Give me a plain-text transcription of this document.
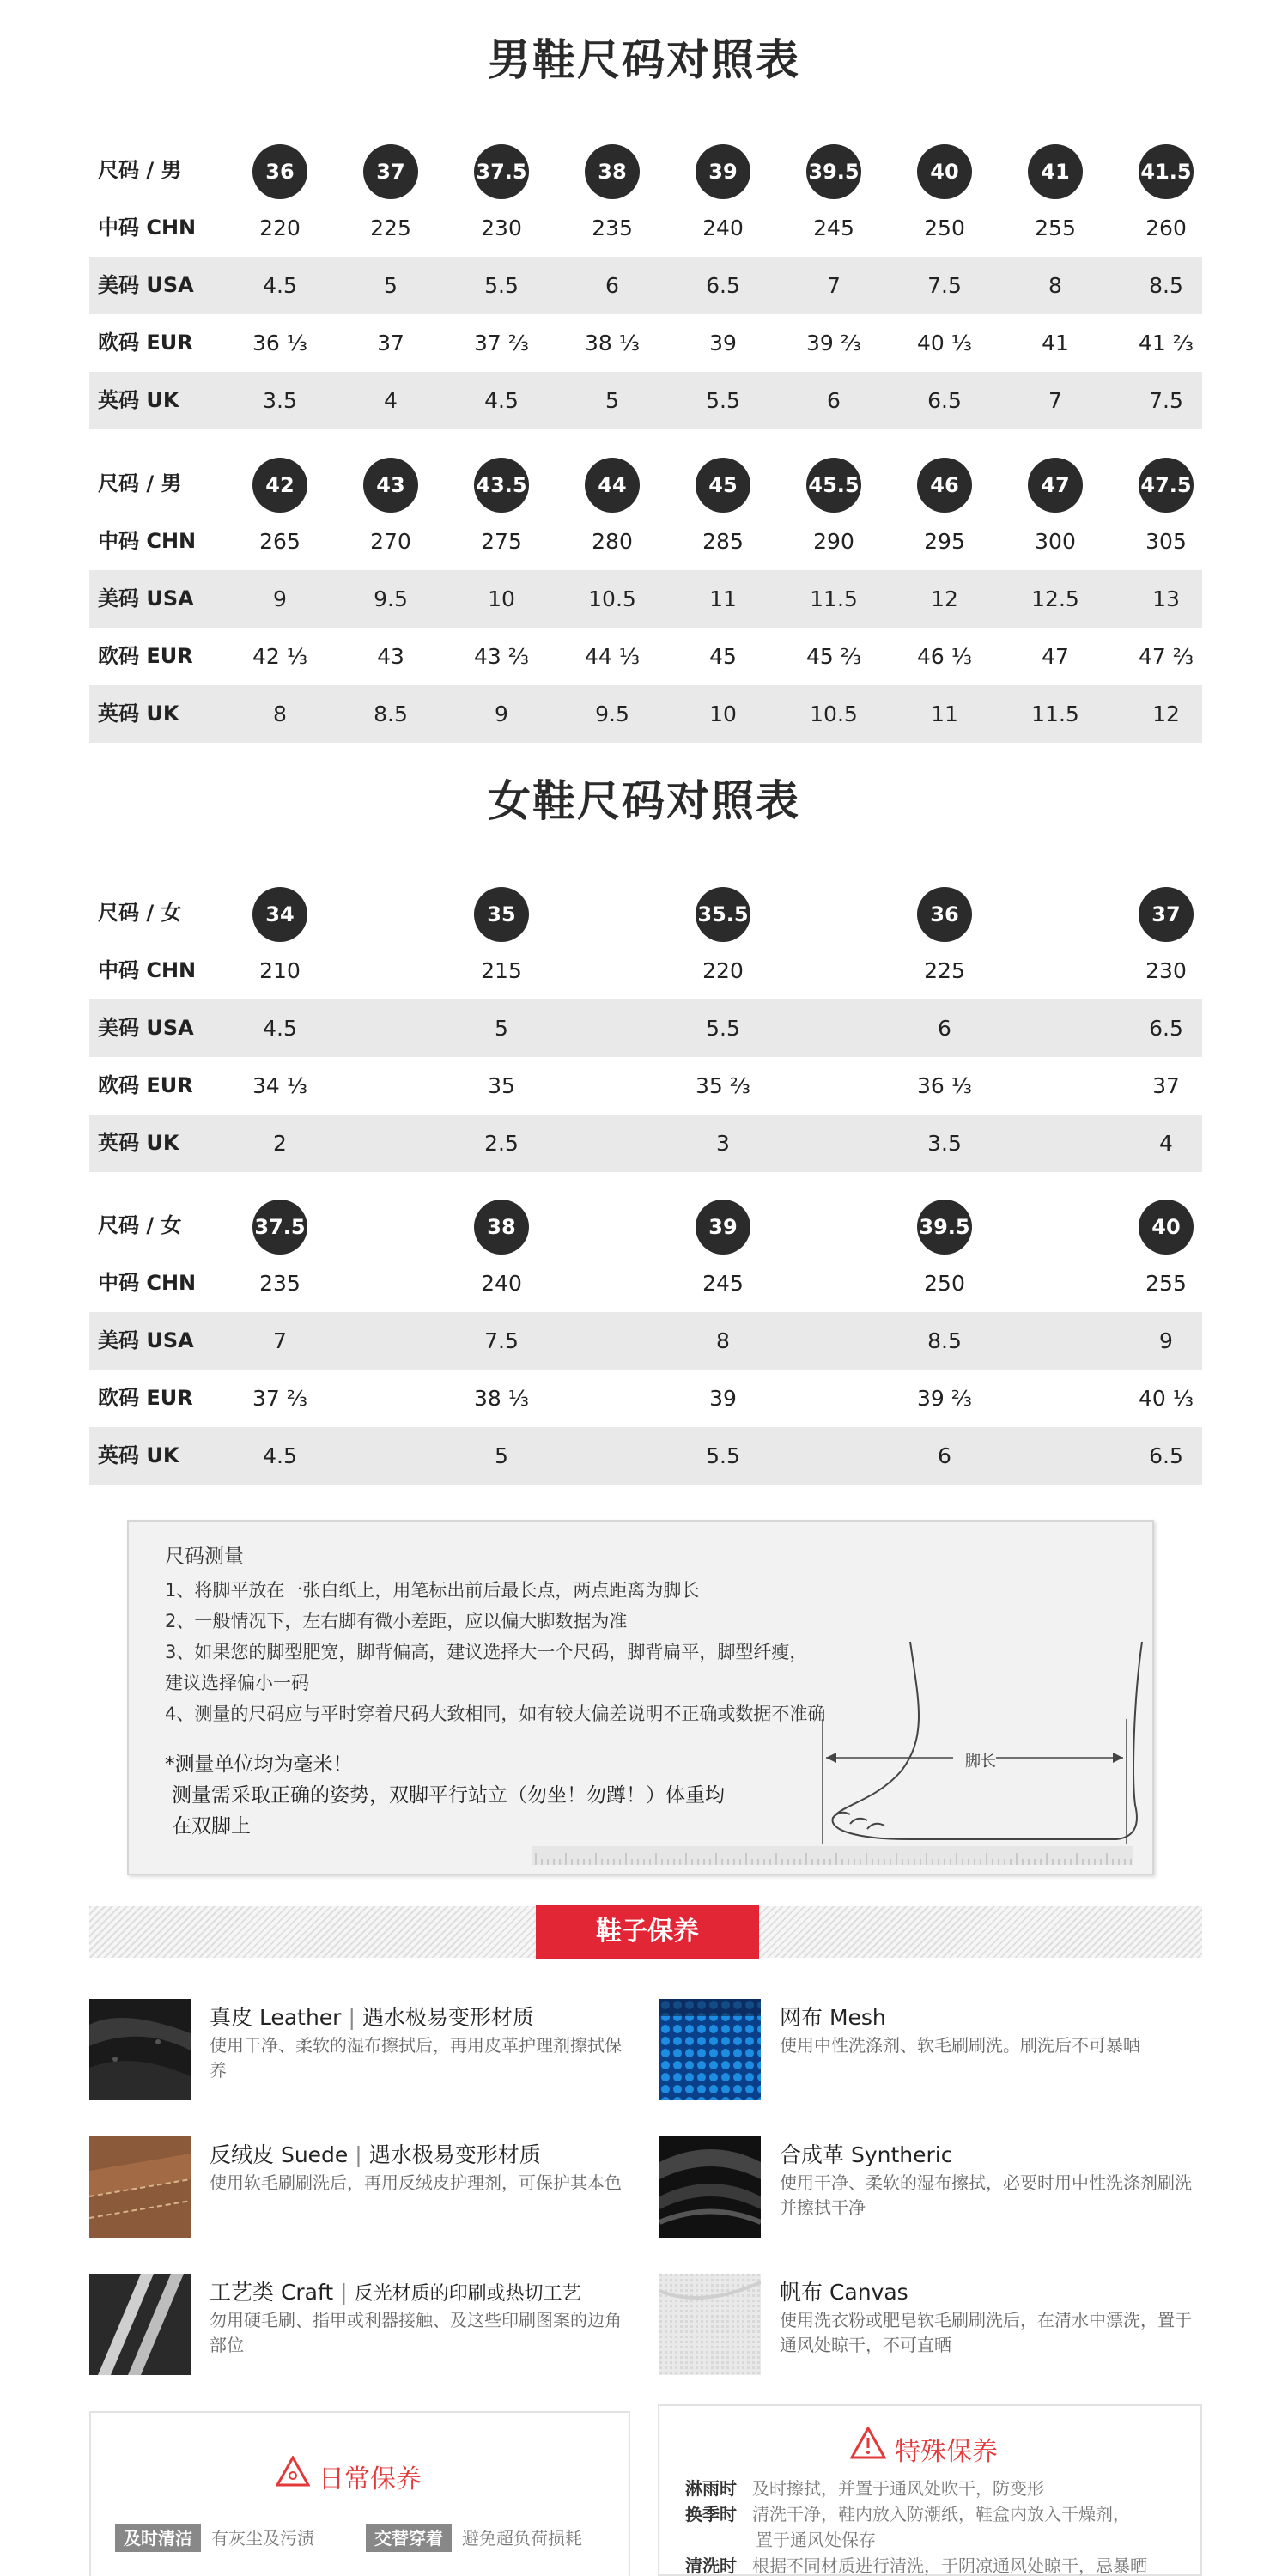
男鞋尺码对照表
尺码 / 男	36	37	37.5	38	39	39.5	40	41	41.5
中码 CHN	220	225	230	235	240	245	250	255	260
美码 USA	4.5	5	5.5	6	6.5	7	7.5	8	8.5
欧码 EUR	36 ⅓	37	37 ⅔	38 ⅓	39	39 ⅔	40 ⅓	41	41 ⅔
英码 UK	3.5	4	4.5	5	5.5	6	6.5	7	7.5
尺码 / 男	42	43	43.5	44	45	45.5	46	47	47.5
中码 CHN	265	270	275	280	285	290	295	300	305
美码 USA	9	9.5	10	10.5	11	11.5	12	12.5	13
欧码 EUR	42 ⅓	43	43 ⅔	44 ⅓	45	45 ⅔	46 ⅓	47	47 ⅔
英码 UK	8	8.5	9	9.5	10	10.5	11	11.5	12
女鞋尺码对照表
尺码 / 女	34	35	35.5	36	37
中码 CHN	210	215	220	225	230
美码 USA	4.5	5	5.5	6	6.5
欧码 EUR	34 ⅓	35	35 ⅔	36 ⅓	37
英码 UK	2	2.5	3	3.5	4
尺码 / 女	37.5	38	39	39.5	40
中码 CHN	235	240	245	250	255
美码 USA	7	7.5	8	8.5	9
欧码 EUR	37 ⅔	38 ⅓	39	39 ⅔	40 ⅓
英码 UK	4.5	5	5.5	6	6.5
尺码测量
1、将脚平放在一张白纸上，用笔标出前后最长点，两点距离为脚长
2、一般情况下，左右脚有微小差距，应以偏大脚数据为准
3、如果您的脚型肥宽，脚背偏高，建议选择大一个尺码，脚背扁平，脚型纤瘦，
建议选择偏小一码
4、测量的尺码应与平时穿着尺码大致相同，如有较大偏差说明不正确或数据不准确
*测量单位均为毫米！
测量需采取正确的姿势，双脚平行站立（勿坐！勿蹲！）体重均
在双脚上
脚长
鞋子保养
真皮 Leather | 遇水极易变形材质
使用干净、柔软的湿布擦拭后，再用皮革护理剂擦拭保养
网布 Mesh
使用中性洗涤剂、软毛刷刷洗。刷洗后不可暴晒
反绒皮 Suede | 遇水极易变形材质
使用软毛刷刷洗后，再用反绒皮护理剂，可保护其本色
合成革 Syntheric
使用干净、柔软的湿布擦拭，必要时用中性洗涤剂刷洗并擦拭干净
工艺类 Craft | 反光材质的印刷或热切工艺
勿用硬毛刷、指甲或利器接触、及这些印刷图案的边角部位
帆布 Canvas
使用洗衣粉或肥皂软毛刷刷洗后，在清水中漂洗，置于通风处晾干，不可直晒
日常保养
及时清洁	有灰尘及污渍	交替穿着	避免超负荷损耗
特殊保养
淋雨时 及时擦拭，并置于通风处吹干，防变形
换季时 清洗干净，鞋内放入防潮纸，鞋盒内放入干燥剂，
置于通风处保存
清洗时 根据不同材质进行清洗，于阴凉通风处晾干，忌暴晒
